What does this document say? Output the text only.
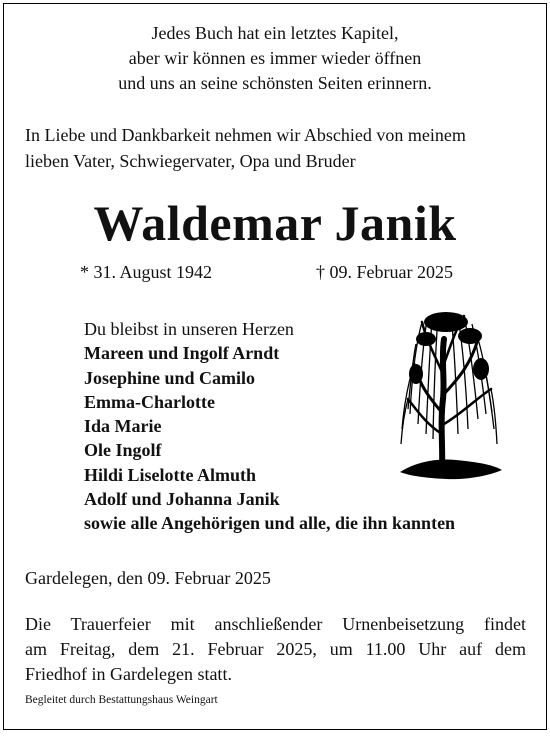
Jedes Buch hat ein letztes Kapitel,
aber wir können es immer wieder öffnen
und uns an seine schönsten Seiten erinnern.
In Liebe und Dankbarkeit nehmen wir Abschied von meinem
lieben Vater, Schwiegervater, Opa und Bruder
Waldemar Janik
* 31. August 1942	† 09. Februar 2025
Du bleibst in unseren Herzen
Mareen und Ingolf Arndt
Josephine und Camilo
Emma-Charlotte
Ida Marie
Ole Ingolf
Hildi Liselotte Almuth
Adolf und Johanna Janik
sowie alle Angehörigen und alle, die ihn kannten
Gardelegen, den 09. Februar 2025
Die Trauerfeier mit anschließender Urnenbeisetzung findet
am Freitag, dem 21. Februar 2025, um 11.00 Uhr auf dem
Friedhof in Gardelegen statt.
Begleitet durch Bestattungshaus Weingart
